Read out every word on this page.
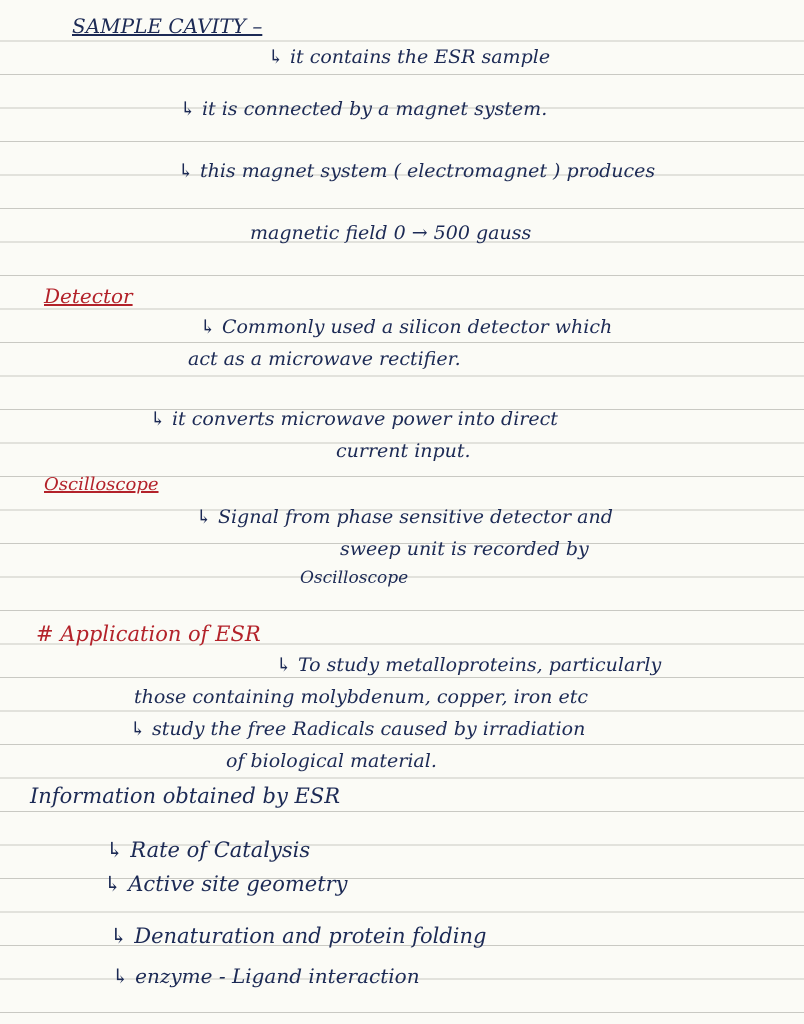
SAMPLE CAVITY –
↳ it contains the ESR sample
↳ it is connected by a magnet system.
↳ this magnet system ( electromagnet ) produces
magnetic field 0 → 500 gauss
Detector
↳ Commonly used a silicon detector which
act as a microwave rectifier.
↳ it converts microwave power into direct
current input.
Oscilloscope
↳ Signal from phase sensitive detector and
sweep unit is recorded by
Oscilloscope
# Application of ESR
↳ To study metalloproteins, particularly
those containing molybdenum, copper, iron etc
↳ study the free Radicals caused by irradiation
of biological material.
Information obtained by ESR
↳ Rate of Catalysis
↳ Active site geometry
↳ Denaturation and protein folding
↳ enzyme - Ligand interaction
